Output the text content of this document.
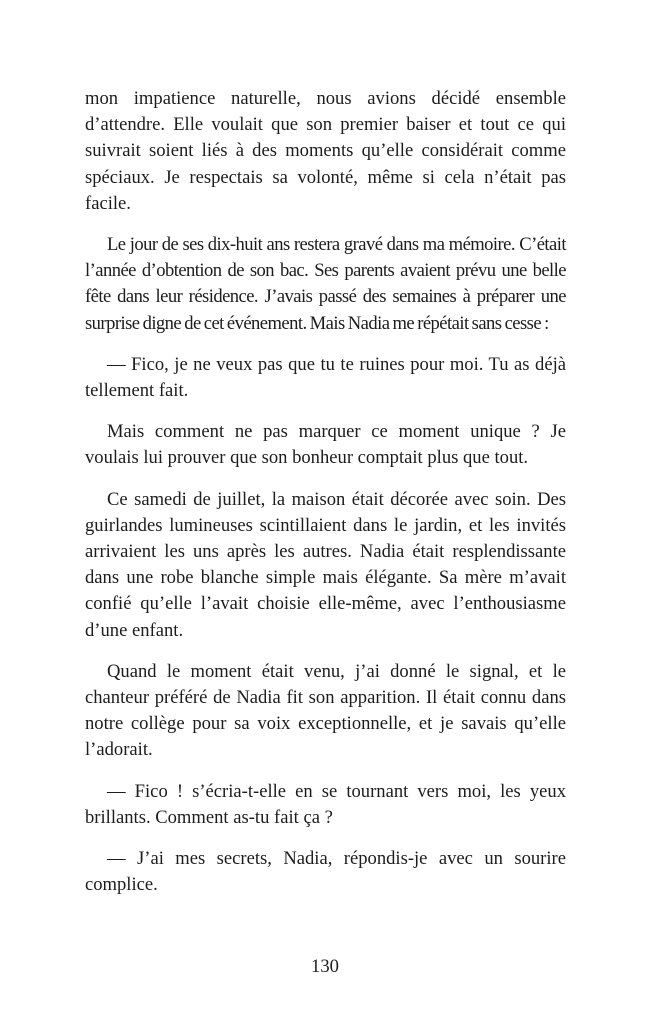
mon impatience naturelle, nous avions décidé ensemble d’attendre. Elle voulait que son premier baiser et tout ce qui suivrait soient liés à des moments qu’elle considérait comme spéciaux. Je respectais sa volonté, même si cela n’était pas facile.

Le jour de ses dix-huit ans restera gravé dans ma mémoire. C’était l’année d’obtention de son bac. Ses parents avaient prévu une belle fête dans leur résidence. J’avais passé des semaines à préparer une surprise digne de cet événement. Mais Nadia me répétait sans cesse :

— Fico, je ne veux pas que tu te ruines pour moi. Tu as déjà tellement fait.

Mais comment ne pas marquer ce moment unique ? Je voulais lui prouver que son bonheur comptait plus que tout.

Ce samedi de juillet, la maison était décorée avec soin. Des guirlandes lumineuses scintillaient dans le jardin, et les invités arrivaient les uns après les autres. Nadia était resplendissante dans une robe blanche simple mais élégante. Sa mère m’avait confié qu’elle l’avait choisie elle-même, avec l’enthousiasme d’une enfant.

Quand le moment était venu, j’ai donné le signal, et le chanteur préféré de Nadia fit son apparition. Il était connu dans notre collège pour sa voix exceptionnelle, et je savais qu’elle l’adorait.

— Fico ! s’écria-t-elle en se tournant vers moi, les yeux brillants. Comment as-tu fait ça ?

— J’ai mes secrets, Nadia, répondis-je avec un sourire complice.

130
